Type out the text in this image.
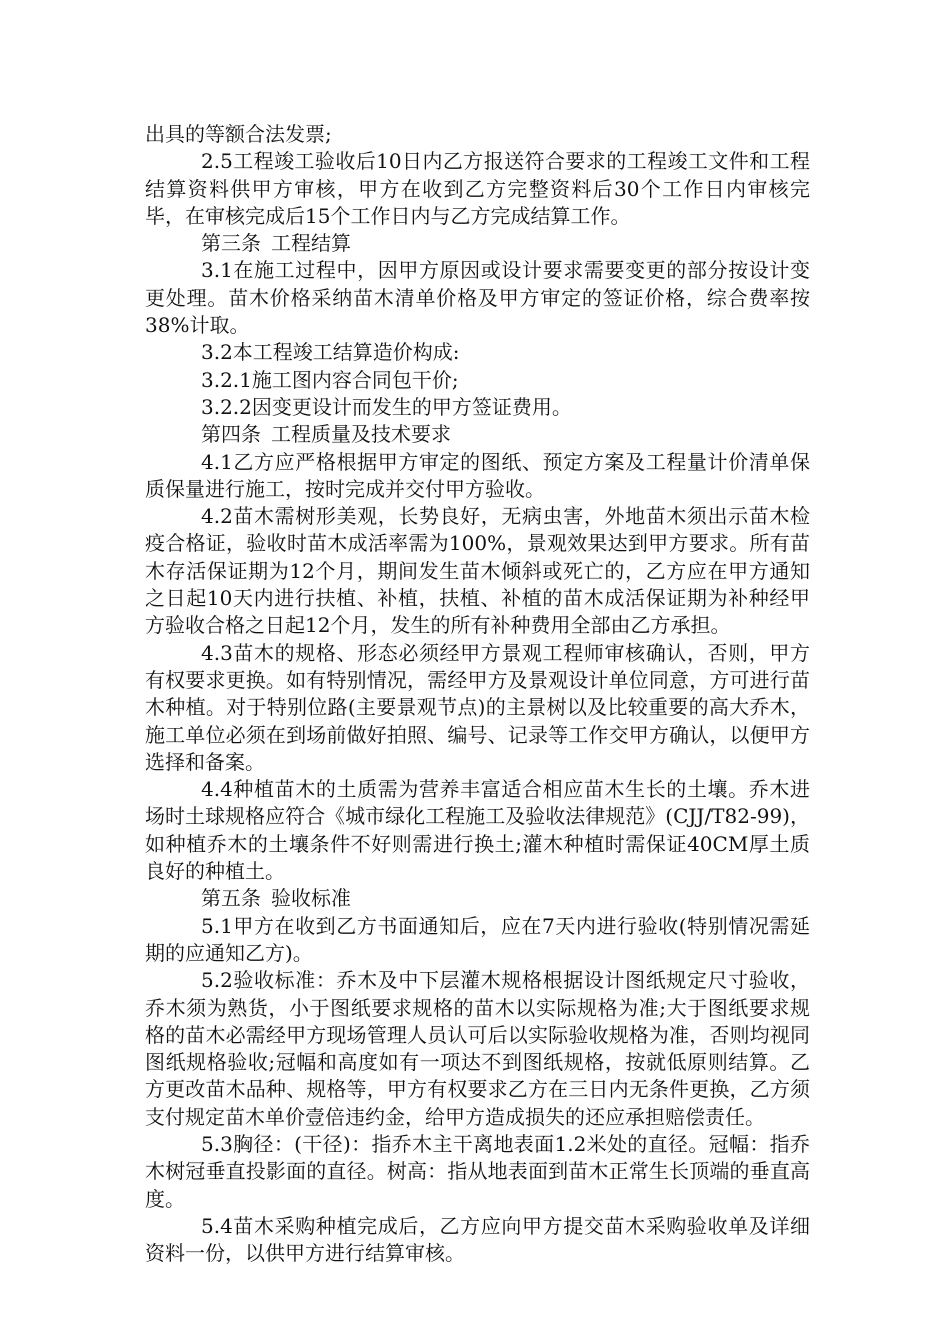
出具的等额合法发票;

2.5工程竣工验收后10日内乙方报送符合要求的工程竣工文件和工程结算资料供甲方审核，甲方在收到乙方完整资料后30个工作日内审核完毕，在审核完成后15个工作日内与乙方完成结算工作。

第三条 工程结算

3.1在施工过程中，因甲方原因或设计要求需要变更的部分按设计变更处理。苗木价格采纳苗木清单价格及甲方审定的签证价格，综合费率按38%计取。

3.2本工程竣工结算造价构成:

3.2.1施工图内容合同包干价;

3.2.2因变更设计而发生的甲方签证费用。

第四条 工程质量及技术要求

4.1乙方应严格根据甲方审定的图纸、预定方案及工程量计价清单保质保量进行施工，按时完成并交付甲方验收。

4.2苗木需树形美观，长势良好，无病虫害，外地苗木须出示苗木检疫合格证，验收时苗木成活率需为100%，景观效果达到甲方要求。所有苗木存活保证期为12个月，期间发生苗木倾斜或死亡的，乙方应在甲方通知之日起10天内进行扶植、补植，扶植、补植的苗木成活保证期为补种经甲方验收合格之日起12个月，发生的所有补种费用全部由乙方承担。

4.3苗木的规格、形态必须经甲方景观工程师审核确认，否则，甲方有权要求更换。如有特别情况，需经甲方及景观设计单位同意，方可进行苗木种植。对于特别位路(主要景观节点)的主景树以及比较重要的高大乔木，施工单位必须在到场前做好拍照、编号、记录等工作交甲方确认，以便甲方选择和备案。

4.4种植苗木的土质需为营养丰富适合相应苗木生长的土壤。乔木进场时土球规格应符合《城市绿化工程施工及验收法律规范》(CJJ/T82-99)，如种植乔木的土壤条件不好则需进行换土;灌木种植时需保证40CM厚土质良好的种植土。

第五条 验收标准

5.1甲方在收到乙方书面通知后，应在7天内进行验收(特别情况需延期的应通知乙方)。

5.2验收标准：乔木及中下层灌木规格根据设计图纸规定尺寸验收，乔木须为熟货，小于图纸要求规格的苗木以实际规格为准;大于图纸要求规格的苗木必需经甲方现场管理人员认可后以实际验收规格为准，否则均视同图纸规格验收;冠幅和高度如有一项达不到图纸规格，按就低原则结算。乙方更改苗木品种、规格等，甲方有权要求乙方在三日内无条件更换，乙方须支付规定苗木单价壹倍违约金，给甲方造成损失的还应承担赔偿责任。

5.3胸径：(干径)：指乔木主干离地表面1.2米处的直径。冠幅：指乔木树冠垂直投影面的直径。树高：指从地表面到苗木正常生长顶端的垂直高度。

5.4苗木采购种植完成后，乙方应向甲方提交苗木采购验收单及详细资料一份，以供甲方进行结算审核。
